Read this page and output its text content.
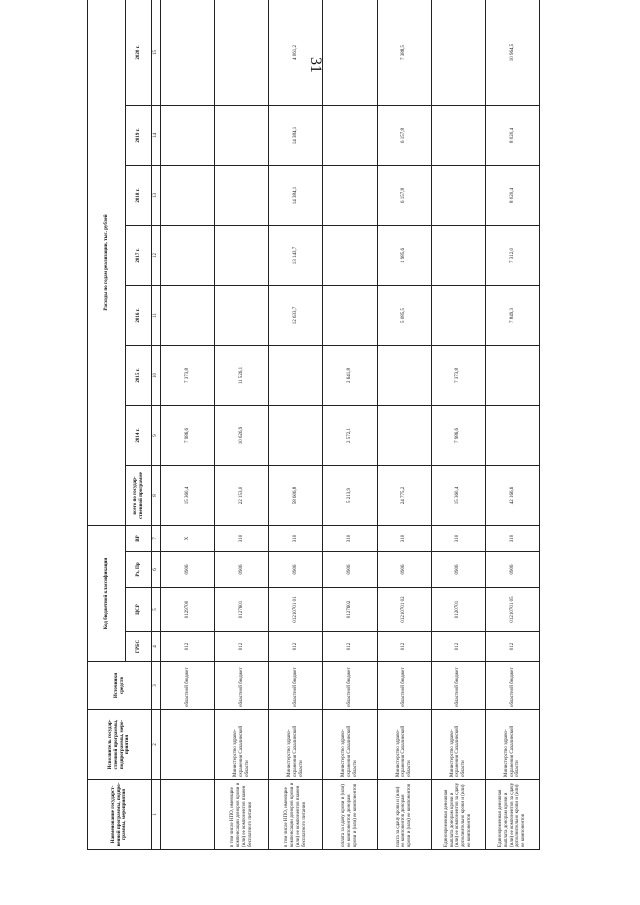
31
Наименование государст-венной программы, подпро-граммы, мероприятия	Исполнитель государ-ственной программы, подпрограммы, меро-приятия	Источники средств	Код бюджетной классификации				Расходы по годам реализации, тыс. рублей							
			ГРБС	ЦСР	Рз, Пр	ВР	всего по государ-ственной программе	2014 г.	2015 г.	2016 г.	2017 г.	2018 г.	2019 г.	2020 г.
1	2	3	4	5	6	7	8	9	10	11	12	13	14	15
		областной бюджет	012	0129700	0906	X	15 360,4	7 986,6	7 373,8					
в том числе НПО, имеющие компенсации доноров крови и (или) ее компонентов взамен бесплатного питания	Министерство здраво-охранения Сахалинской области	областной бюджет	012	0127601	0906	310	22 153,0	10 626,9	11 526,1					
в том числе НПО, имеющие компенсации доноров крови и (или) ее компонентов взамен бесплатного питания	Министерство здраво-охранения Сахалинской области	областной бюджет	012	01210701 01	0906	310	58 606,8			12 633,7	13 143,7	14 384,1	14 384,1	4 061,2
оплата за сдачу крови и (или) ее компонентов донорам крови и (или) ее компонентов	Министерство здраво-охранения Сахалинской области	областной бюджет	012	0127602	0906	310	5 213,9	2 572,1	2 641,8					
плата за сдачу крови и (или) ее компонентов донорам крови и (или) ее компонентов	Министерство здраво-охранения Сахалинской области	областной бюджет	012	01210701 02	0906	310	24 775,2			5 085,5	1 985,6	6 157,8	6 157,8	7 388,5
Единовременная денежная выплата донорам крови и (или) ее компонентов за сдачу дополнительно крови и (или) ее компонентов	Министерство здраво-охранения Сахалинской области	областной бюджет	012	0120701	0906	310	15 360,4	7 986,6	7 373,8					
Единовременная денежная выплата донорам крови и (или) ее компонентов за сдачу дополнительно крови и (или) ее компонентов	Министерство здраво-охранения Сахалинской области	областной бюджет	012	01210701 05	0906	310	42 166,6			7 849,3	7 312,0	8 020,4	8 020,4	10 964,5
